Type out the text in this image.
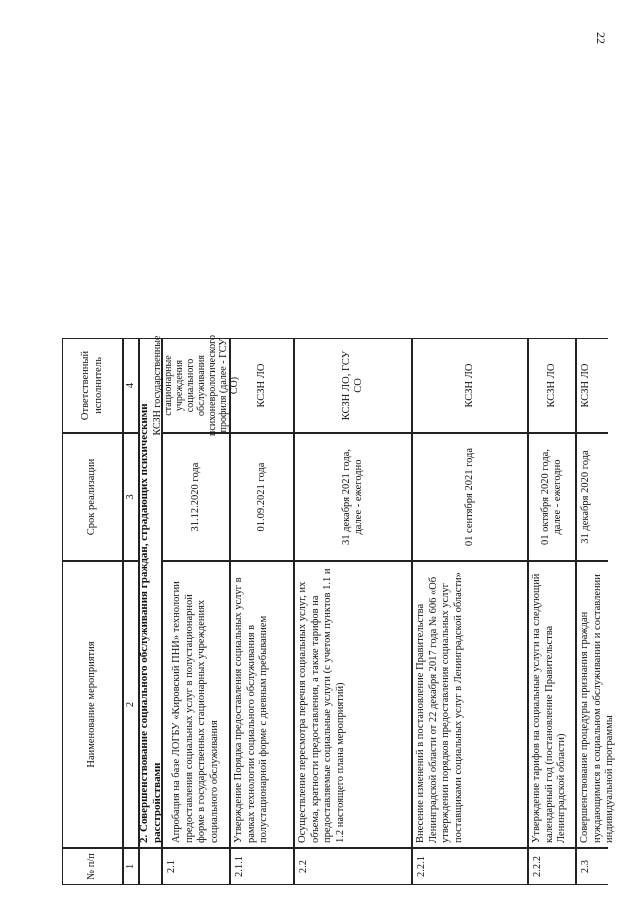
22
№ п/п
Наименование мероприятия
Срок реализации
Ответственный исполнитель
1
2
3
4
2. Совершенствование социального обслуживания граждан, страдающих психическими расстройствами
2.1
Апробация на базе ЛОГБУ «Кировский ПНИ» технологии предоставления социальных услуг в полустационарной форме в государственных стационарных учреждениях социального обслуживания
31.12.2020 года
КСЗН государственные стационарные учреждения социального обслуживания психоневрологического профиля (далее - ГСУ СО)
2.1.1
Утверждение Порядка предоставления социальных услуг в рамках технологии социального обслуживания в полустационарной форме с дневным пребыванием
01.09.2021 года
КСЗН ЛО
2.2
Осуществление пересмотра перечня социальных услуг, их объема, кратности предоставления, а также тарифов на предоставляемые социальные услуги (с учетом пунктов 1.1 и 1.2 настоящего плана мероприятий)
31 декабря 2021 года, далее - ежегодно
КСЗН ЛО, ГСУ СО
2.2.1
Внесение изменений в постановление Правительства Ленинградской области от 22 декабря 2017 года № 606 «Об утверждении порядков предоставления социальных услуг поставщиками социальных услуг в Ленинградской области»
01 сентября 2021 года
КСЗН ЛО
2.2.2
Утверждение тарифов на социальные услуги на следующий календарный год (постановление Правительства Ленинградской области)
01 октября 2020 года, далее - ежегодно
КСЗН ЛО
2.3
Совершенствование процедуры признания граждан нуждающимися в социальном обслуживании и составлении индивидуальной программы
31 декабря 2020 года
КСЗН ЛО
